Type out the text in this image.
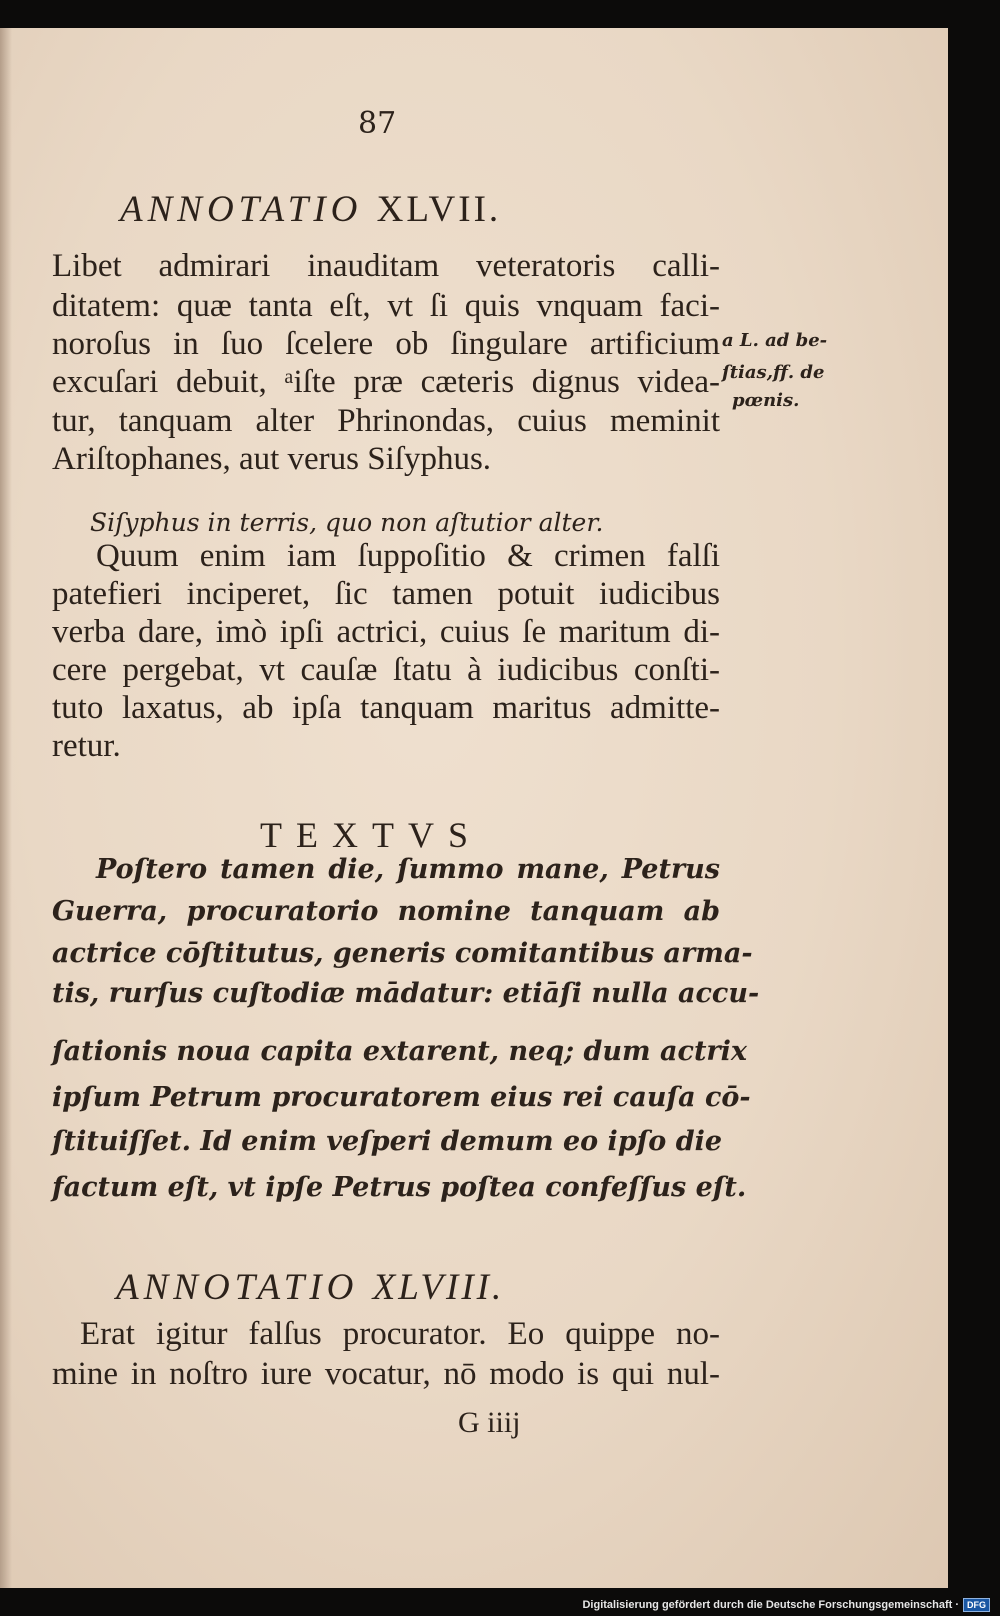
87
ANNOTATIO XLVII.
Libet admirari inauditam veteratoris calli-
ditatem: quæ tanta eſt, vt ſi quis vnquam faci-
noroſus in ſuo ſcelere ob ſingulare artificium
excuſari debuit, ᵃiſte præ cæteris dignus videa-
tur, tanquam alter Phrinondas, cuius meminit
Ariſtophanes, aut verus Siſyphus.
a L. ad be-
ſtias,ff. de
pœnis.
Siſyphus in terris, quo non aſtutior alter.
Quum enim iam ſuppoſitio & crimen falſi
patefieri inciperet, ſic tamen potuit iudicibus
verba dare, imò ipſi actrici, cuius ſe maritum di-
cere pergebat, vt cauſæ ſtatu à iudicibus conſti-
tuto laxatus, ab ipſa tanquam maritus admitte-
retur.
TEXTVS
Poſtero tamen die, ſummo mane, Petrus
Guerra, procuratorio nomine tanquam ab
actrice cōſtitutus, generis comitantibus arma-
tis, rurſus cuſtodiæ mādatur: etiāſi nulla accu-
ſationis noua capita extarent, neq; dum actrix
ipſum Petrum procuratorem eius rei cauſa cō-
ſtituiſſet. Id enim veſperi demum eo ipſo die
factum eſt, vt ipſe Petrus poſtea confeſſus eſt.
ANNOTATIO XLVIII.
Erat igitur falſus procurator. Eo quippe no-
mine in noſtro iure vocatur, nō modo is qui nul-
G iiij
Digitalisierung gefördert durch die Deutsche Forschungsgemeinschaft · DFG
